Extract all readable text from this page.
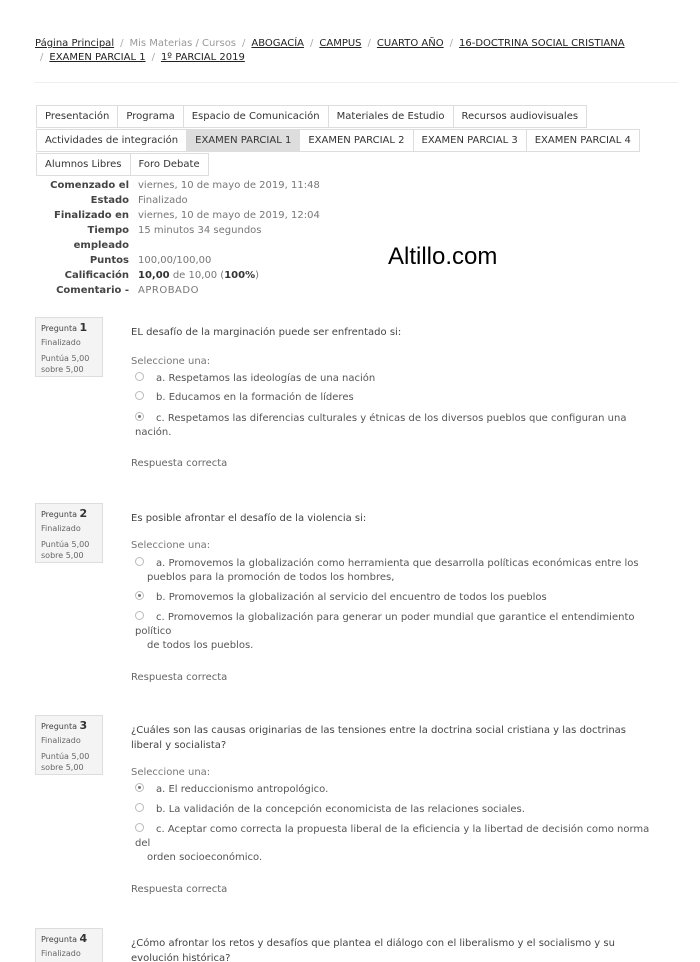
Página Principal / Mis Materias / Cursos / ABOGACÍA / CAMPUS / CUARTO AÑO / 16-DOCTRINA SOCIAL CRISTIANA
/ EXAMEN PARCIAL 1 / 1º PARCIAL 2019
Presentación	Programa	Espacio de Comunicación	Materiales de Estudio	Recursos audiovisuales
Actividades de integración	EXAMEN PARCIAL 1	EXAMEN PARCIAL 2	EXAMEN PARCIAL 3	EXAMEN PARCIAL 4
Alumnos Libres	Foro Debate
Comenzado el viernes, 10 de mayo de 2019, 11:48
Estado Finalizado
Finalizado en viernes, 10 de mayo de 2019, 12:04
Tiempo
empleado
15 minutos 34 segundos
Puntos 100,00/100,00
Calificación 10,00 de 10,00 (100%)
Comentario - APROBADO
Altillo.com
Pregunta 1
Finalizado
Puntúa 5,00
sobre 5,00
EL desafío de la marginación puede ser enfrentado si:
Seleccione una:
a. Respetamos las ideologías de una nación
b. Educamos en la formación de líderes
c. Respetamos las diferencias culturales y étnicas de los diversos pueblos que configuran una nación.
Respuesta correcta
Pregunta 2
Finalizado
Puntúa 5,00
sobre 5,00
Es posible afrontar el desafío de la violencia si:
Seleccione una:
a. Promovemos la globalización como herramienta que desarrolla políticas económicas entre los
pueblos para la promoción de todos los hombres,
b. Promovemos la globalización al servicio del encuentro de todos los pueblos
c. Promovemos la globalización para generar un poder mundial que garantice el entendimiento político
de todos los pueblos.
Respuesta correcta
Pregunta 3
Finalizado
Puntúa 5,00
sobre 5,00
¿Cuáles son las causas originarias de las tensiones entre la doctrina social cristiana y las doctrinas liberal y socialista?
Seleccione una:
a. El reduccionismo antropológico.
b. La validación de la concepción economicista de las relaciones sociales.
c. Aceptar como correcta la propuesta liberal de la eficiencia y la libertad de decisión como norma del
orden socioeconómico.
Respuesta correcta
Pregunta 4
Finalizado
¿Cómo afrontar los retos y desafíos que plantea el diálogo con el liberalismo y el socialismo y su evolución histórica?
